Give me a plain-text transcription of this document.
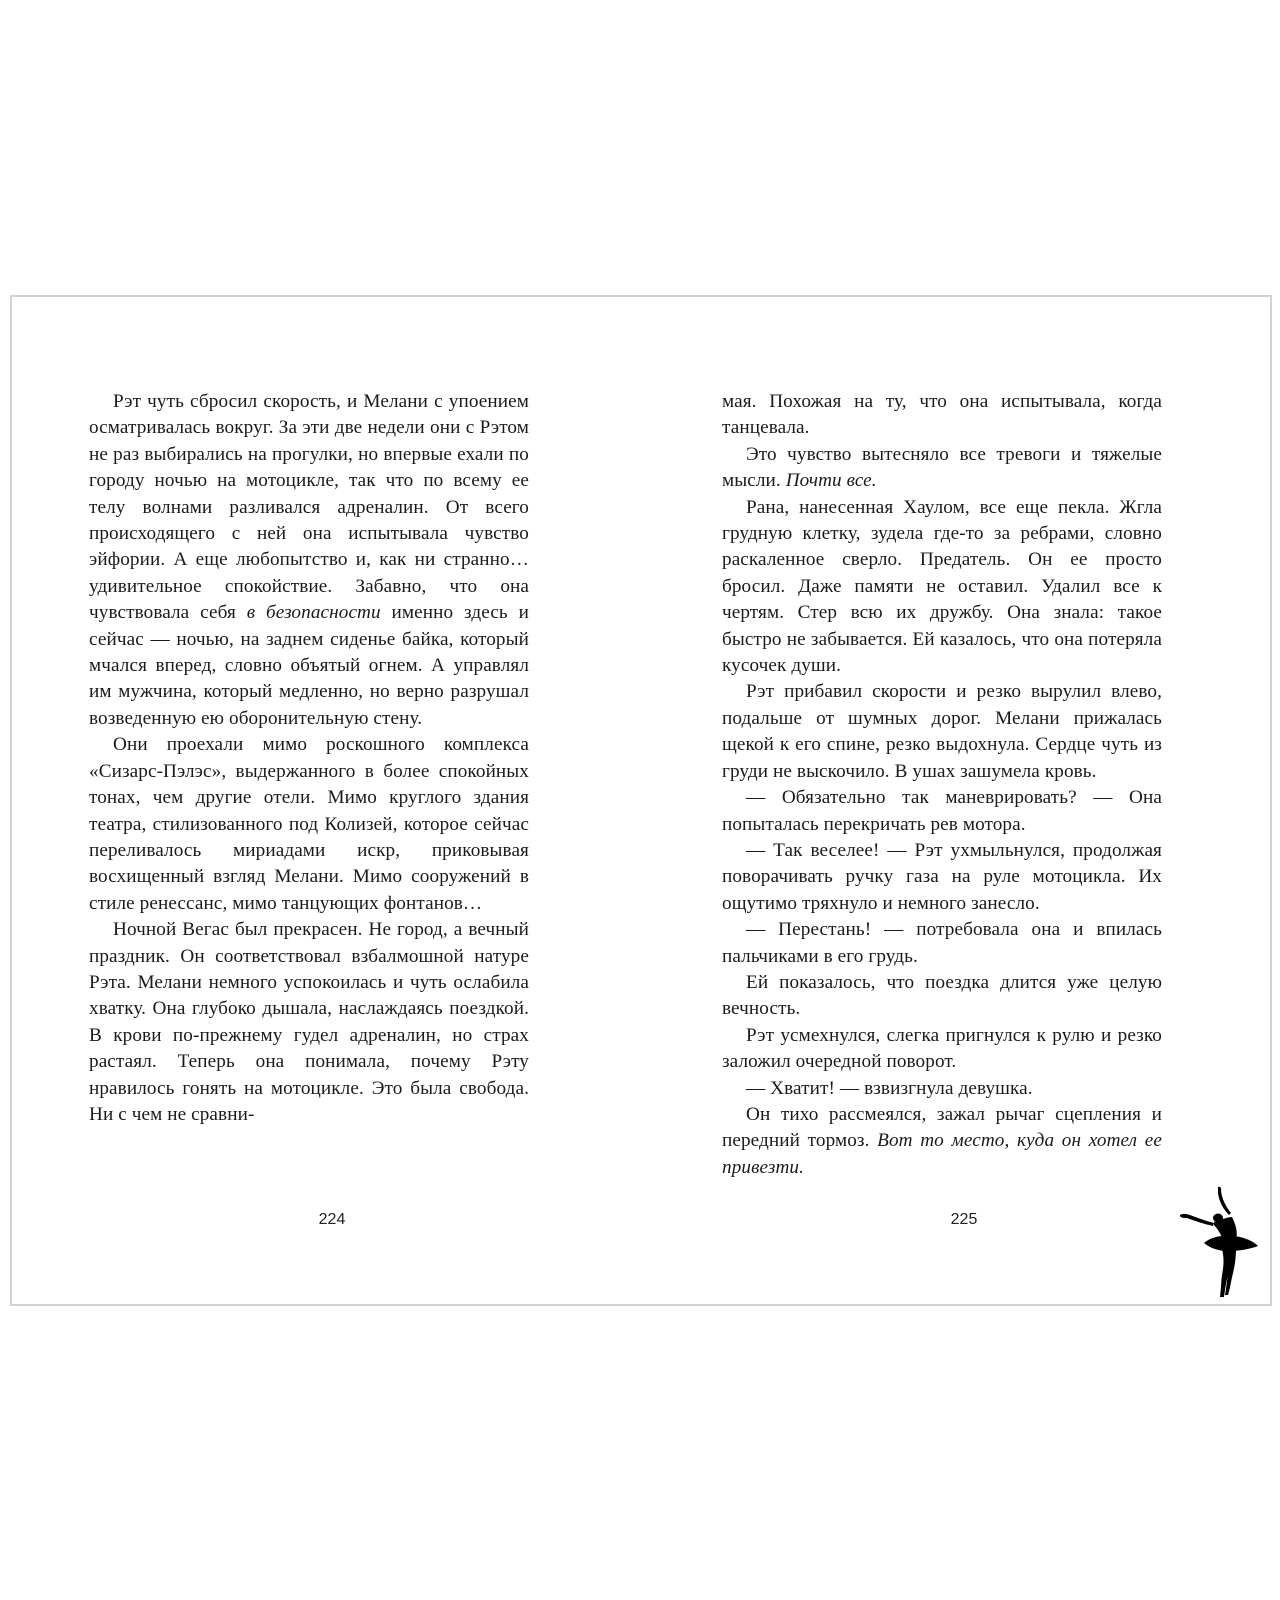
Рэт чуть сбросил скорость, и Мелани с упоением осматривалась вокруг. За эти две недели они с Рэтом не раз выбирались на прогулки, но впервые ехали по городу ночью на мотоцикле, так что по всему ее телу волнами разливался адреналин. От всего происходящего с ней она испытывала чувство эйфории. А еще любопытство и, как ни странно… удивительное спокойствие. Забавно, что она чувствовала себя в безопасности именно здесь и сейчас — ночью, на заднем сиденье байка, который мчался вперед, словно объятый огнем. А управлял им мужчина, который медленно, но верно разрушал возведенную ею оборонительную стену.

Они проехали мимо роскошного комплекса «Сизарс-Пэлэс», выдержанного в более спокойных тонах, чем другие отели. Мимо круглого здания театра, стилизованного под Колизей, которое сейчас переливалось мириадами искр, приковывая восхищенный взгляд Мелани. Мимо сооружений в стиле ренессанс, мимо танцующих фонтанов…

Ночной Вегас был прекрасен. Не город, а вечный праздник. Он соответствовал взбалмошной натуре Рэта. Мелани немного успокоилась и чуть ослабила хватку. Она глубоко дышала, наслаждаясь поездкой. В крови по-прежнему гудел адреналин, но страх растаял. Теперь она понимала, почему Рэту нравилось гонять на мотоцикле. Это была свобода. Ни с чем не сравни-

224

мая. Похожая на ту, что она испытывала, когда танцевала.

Это чувство вытесняло все тревоги и тяжелые мысли. Почти все.

Рана, нанесенная Хаулом, все еще пекла. Жгла грудную клетку, зудела где-то за ребрами, словно раскаленное сверло. Предатель. Он ее просто бросил. Даже памяти не оставил. Удалил все к чертям. Стер всю их дружбу. Она знала: такое быстро не забывается. Ей казалось, что она потеряла кусочек души.

Рэт прибавил скорости и резко вырулил влево, подальше от шумных дорог. Мелани прижалась щекой к его спине, резко выдохнула. Сердце чуть из груди не выскочило. В ушах зашумела кровь.

— Обязательно так маневрировать? — Она попыталась перекричать рев мотора.

— Так веселее! — Рэт ухмыльнулся, продолжая поворачивать ручку газа на руле мотоцикла. Их ощутимо тряхнуло и немного занесло.

— Перестань! — потребовала она и впилась пальчиками в его грудь.

Ей показалось, что поездка длится уже целую вечность.

Рэт усмехнулся, слегка пригнулся к рулю и резко заложил очередной поворот.

— Хватит! — взвизгнула девушка.

Он тихо рассмеялся, зажал рычаг сцепления и передний тормоз. Вот то место, куда он хотел ее привезти.

225
